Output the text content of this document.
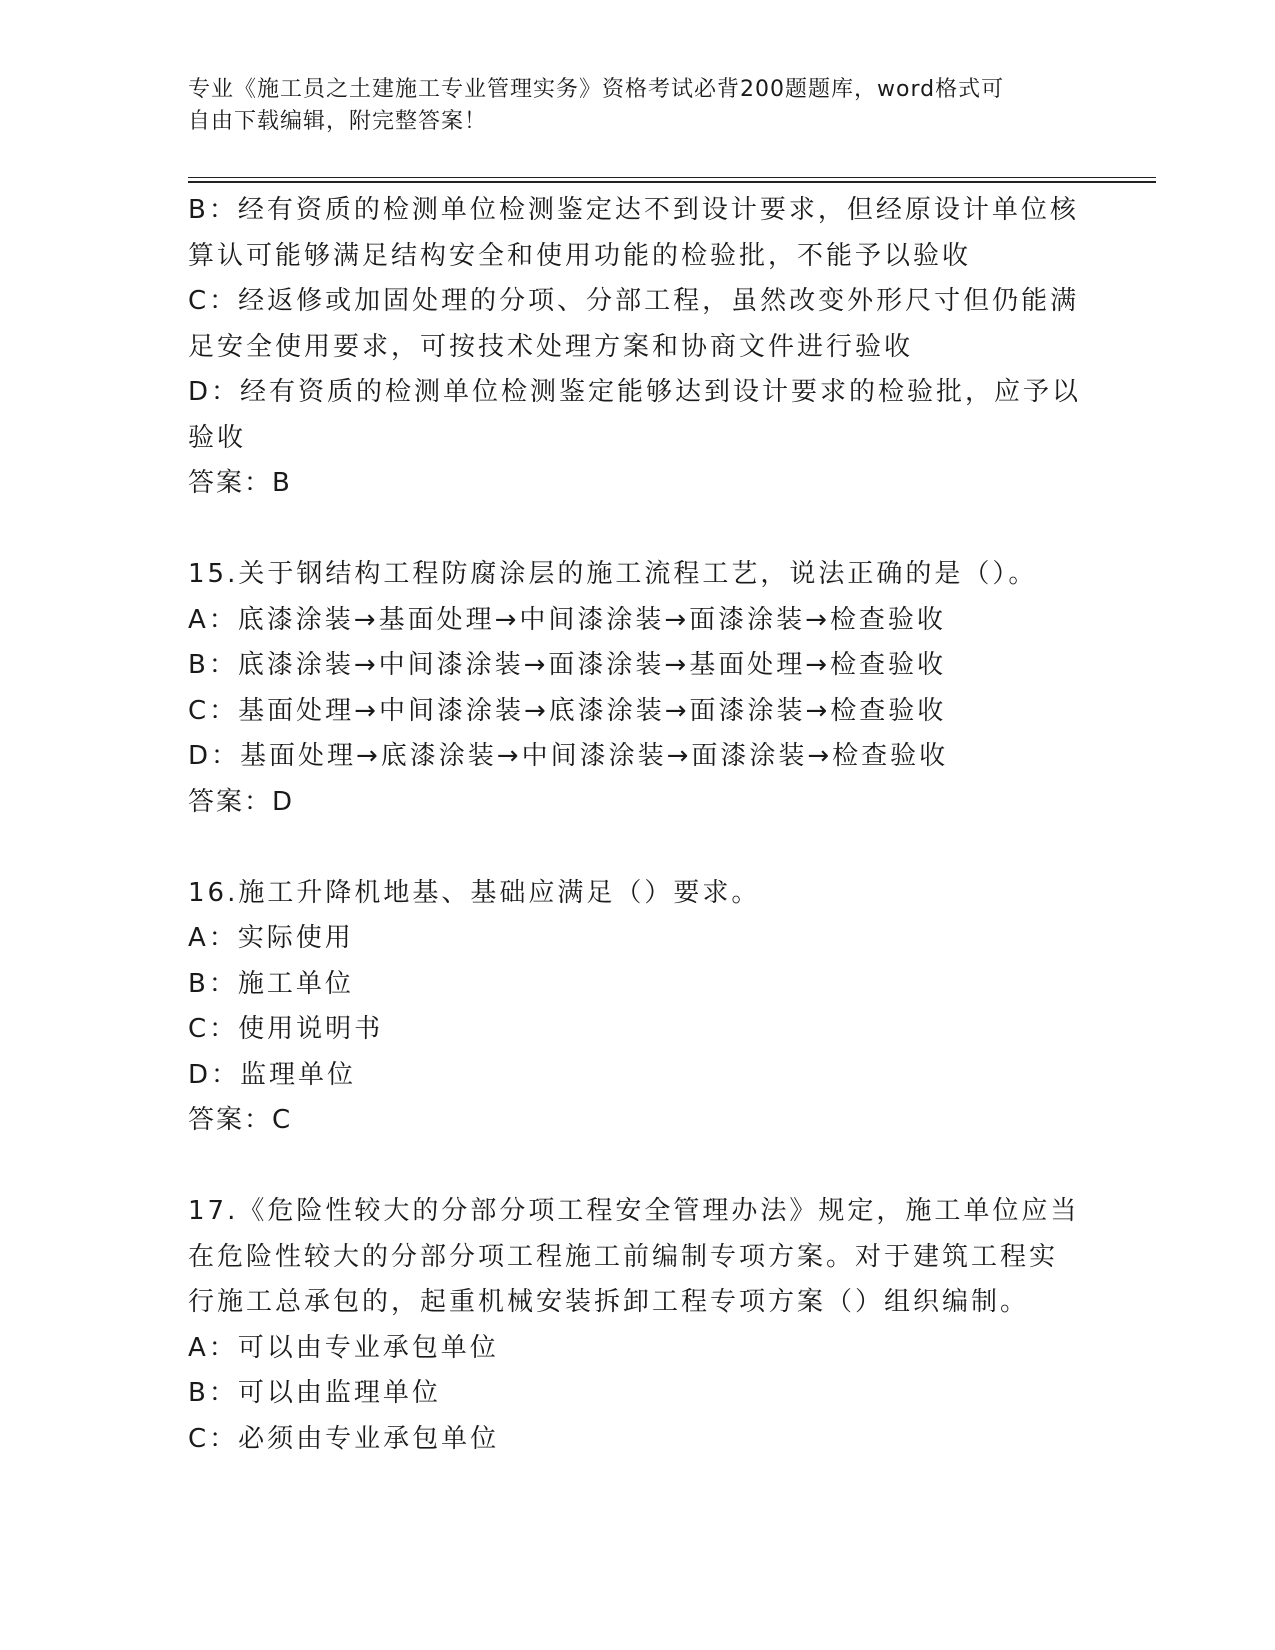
专业《施工员之土建施工专业管理实务》资格考试必背200题题库，word格式可
自由下载编辑，附完整答案！
B：经有资质的检测单位检测鉴定达不到设计要求，但经原设计单位核
算认可能够满足结构安全和使用功能的检验批，不能予以验收
C：经返修或加固处理的分项、分部工程，虽然改变外形尺寸但仍能满
足安全使用要求，可按技术处理方案和协商文件进行验收
D：经有资质的检测单位检测鉴定能够达到设计要求的检验批，应予以
验收
答案：B
15.关于钢结构工程防腐涂层的施工流程工艺，说法正确的是（）。
A：底漆涂装→基面处理→中间漆涂装→面漆涂装→检查验收
B：底漆涂装→中间漆涂装→面漆涂装→基面处理→检查验收
C：基面处理→中间漆涂装→底漆涂装→面漆涂装→检查验收
D：基面处理→底漆涂装→中间漆涂装→面漆涂装→检查验收
答案：D
16.施工升降机地基、基础应满足（）要求。
A：实际使用
B：施工单位
C：使用说明书
D：监理单位
答案：C
17.《危险性较大的分部分项工程安全管理办法》规定，施工单位应当
在危险性较大的分部分项工程施工前编制专项方案。对于建筑工程实
行施工总承包的，起重机械安装拆卸工程专项方案（）组织编制。
A：可以由专业承包单位
B：可以由监理单位
C：必须由专业承包单位
